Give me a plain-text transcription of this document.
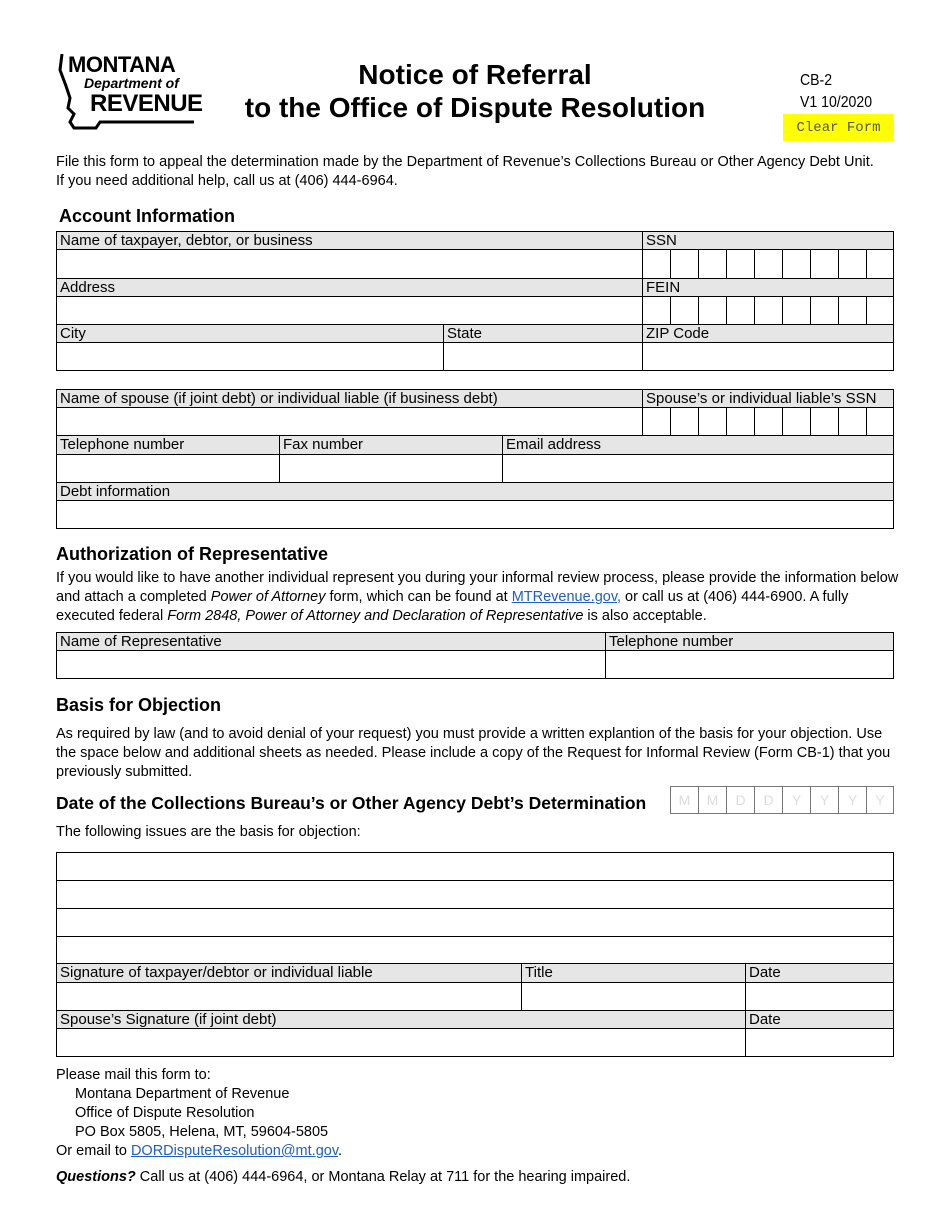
MONTANA
Department of
REVENUE
Notice of Referral
to the Office of Dispute Resolution
CB-2
V1 10/2020
Clear Form
File this form to appeal the determination made by the Department of Revenue’s Collections Bureau or Other Agency Debt Unit.
If you need additional help, call us at (406) 444-6964.
Account Information
Name of taxpayer, debtor, or business	SSN
Address	FEIN
City	State	ZIP Code
Name of spouse (if joint debt) or individual liable (if business debt)	Spouse’s or individual liable’s SSN
Telephone number	Fax number	Email address
Debt information
Authorization of Representative
If you would like to have another individual represent you during your informal review process, please provide the information below and attach a completed Power of Attorney form, which can be found at MTRevenue.gov, or call us at (406) 444-6900. A fully executed federal Form 2848, Power of Attorney and Declaration of Representative is also acceptable.
Name of Representative	Telephone number
Basis for Objection
As required by law (and to avoid denial of your request) you must provide a written explantion of the basis for your objection. Use the space below and additional sheets as needed. Please include a copy of the Request for Informal Review (Form CB-1) that you previously submitted.
Date of the Collections Bureau’s or Other Agency Debt’s Determination	M	M	D	D	Y	Y	Y	Y
The following issues are the basis for objection:
Signature of taxpayer/debtor or individual liable	Title	Date
Spouse’s Signature (if joint debt)	Date
Please mail this form to:
Montana Department of Revenue
Office of Dispute Resolution
PO Box 5805, Helena, MT, 59604-5805
Or email to DORDisputeResolution@mt.gov.
Questions? Call us at (406) 444-6964, or Montana Relay at 711 for the hearing impaired.
